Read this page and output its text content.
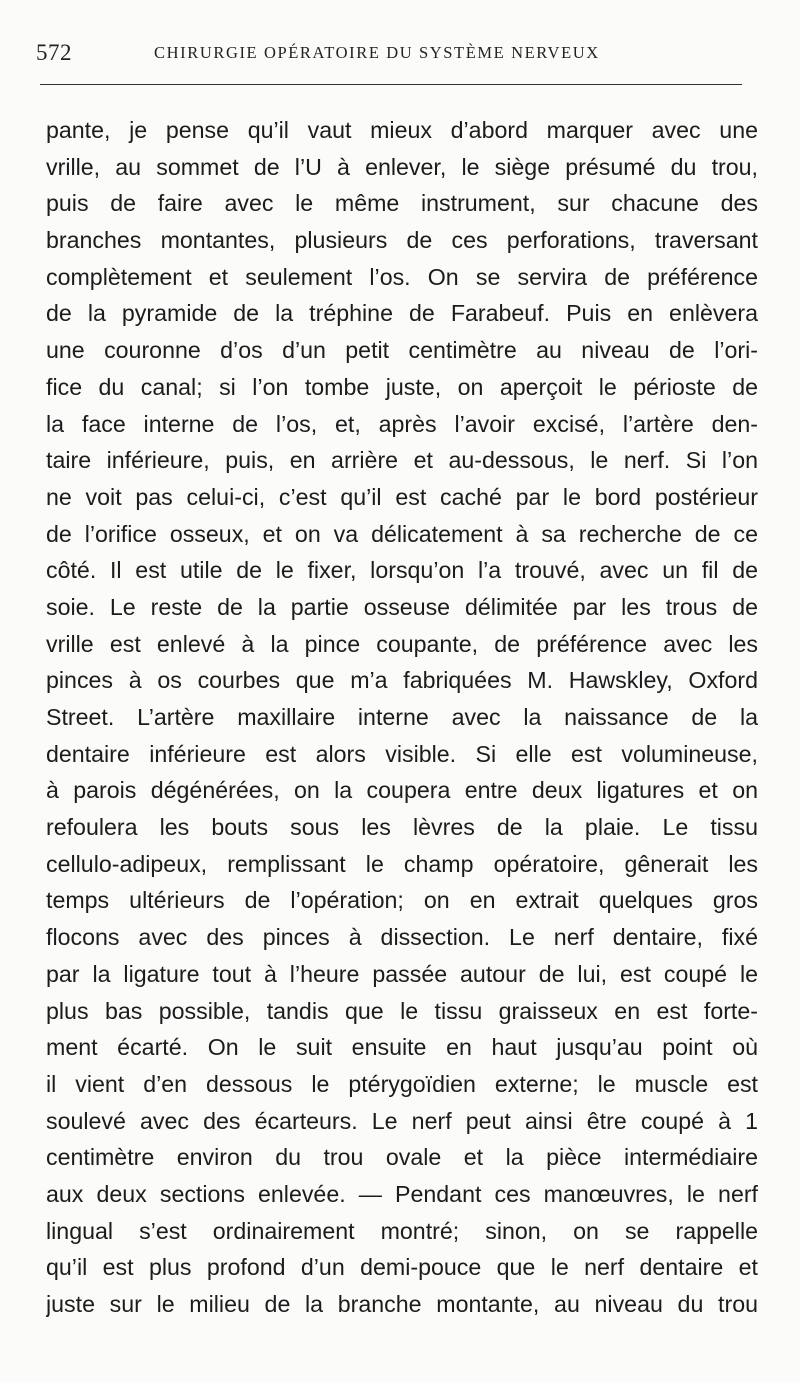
572	CHIRURGIE OPÉRATOIRE DU SYSTÈME NERVEUX
pante, je pense qu’il vaut mieux d’abord marquer avec une
vrille, au sommet de l’U à enlever, le siège présumé du trou,
puis de faire avec le même instrument, sur chacune des
branches montantes, plusieurs de ces perforations, traversant
complètement et seulement l’os. On se servira de préférence
de la pyramide de la tréphine de Farabeuf. Puis en enlèvera
une couronne d’os d’un petit centimètre au niveau de l’ori-
fice du canal; si l’on tombe juste, on aperçoit le périoste de
la face interne de l’os, et, après l’avoir excisé, l’artère den-
taire inférieure, puis, en arrière et au-dessous, le nerf. Si l’on
ne voit pas celui-ci, c’est qu’il est caché par le bord postérieur
de l’orifice osseux, et on va délicatement à sa recherche de ce
côté. Il est utile de le fixer, lorsqu’on l’a trouvé, avec un fil de
soie. Le reste de la partie osseuse délimitée par les trous de
vrille est enlevé à la pince coupante, de préférence avec les
pinces à os courbes que m’a fabriquées M. Hawskley, Oxford
Street. L’artère maxillaire interne avec la naissance de la
dentaire inférieure est alors visible. Si elle est volumineuse,
à parois dégénérées, on la coupera entre deux ligatures et on
refoulera les bouts sous les lèvres de la plaie. Le tissu
cellulo-adipeux, remplissant le champ opératoire, gênerait les
temps ultérieurs de l’opération; on en extrait quelques gros
flocons avec des pinces à dissection. Le nerf dentaire, fixé
par la ligature tout à l’heure passée autour de lui, est coupé le
plus bas possible, tandis que le tissu graisseux en est forte-
ment écarté. On le suit ensuite en haut jusqu’au point où
il vient d’en dessous le ptérygoïdien externe; le muscle est
soulevé avec des écarteurs. Le nerf peut ainsi être coupé à 1
centimètre environ du trou ovale et la pièce intermédiaire
aux deux sections enlevée. — Pendant ces manœuvres, le nerf
lingual s’est ordinairement montré; sinon, on se rappelle
qu’il est plus profond d’un demi-pouce que le nerf dentaire et
juste sur le milieu de la branche montante, au niveau du trou
